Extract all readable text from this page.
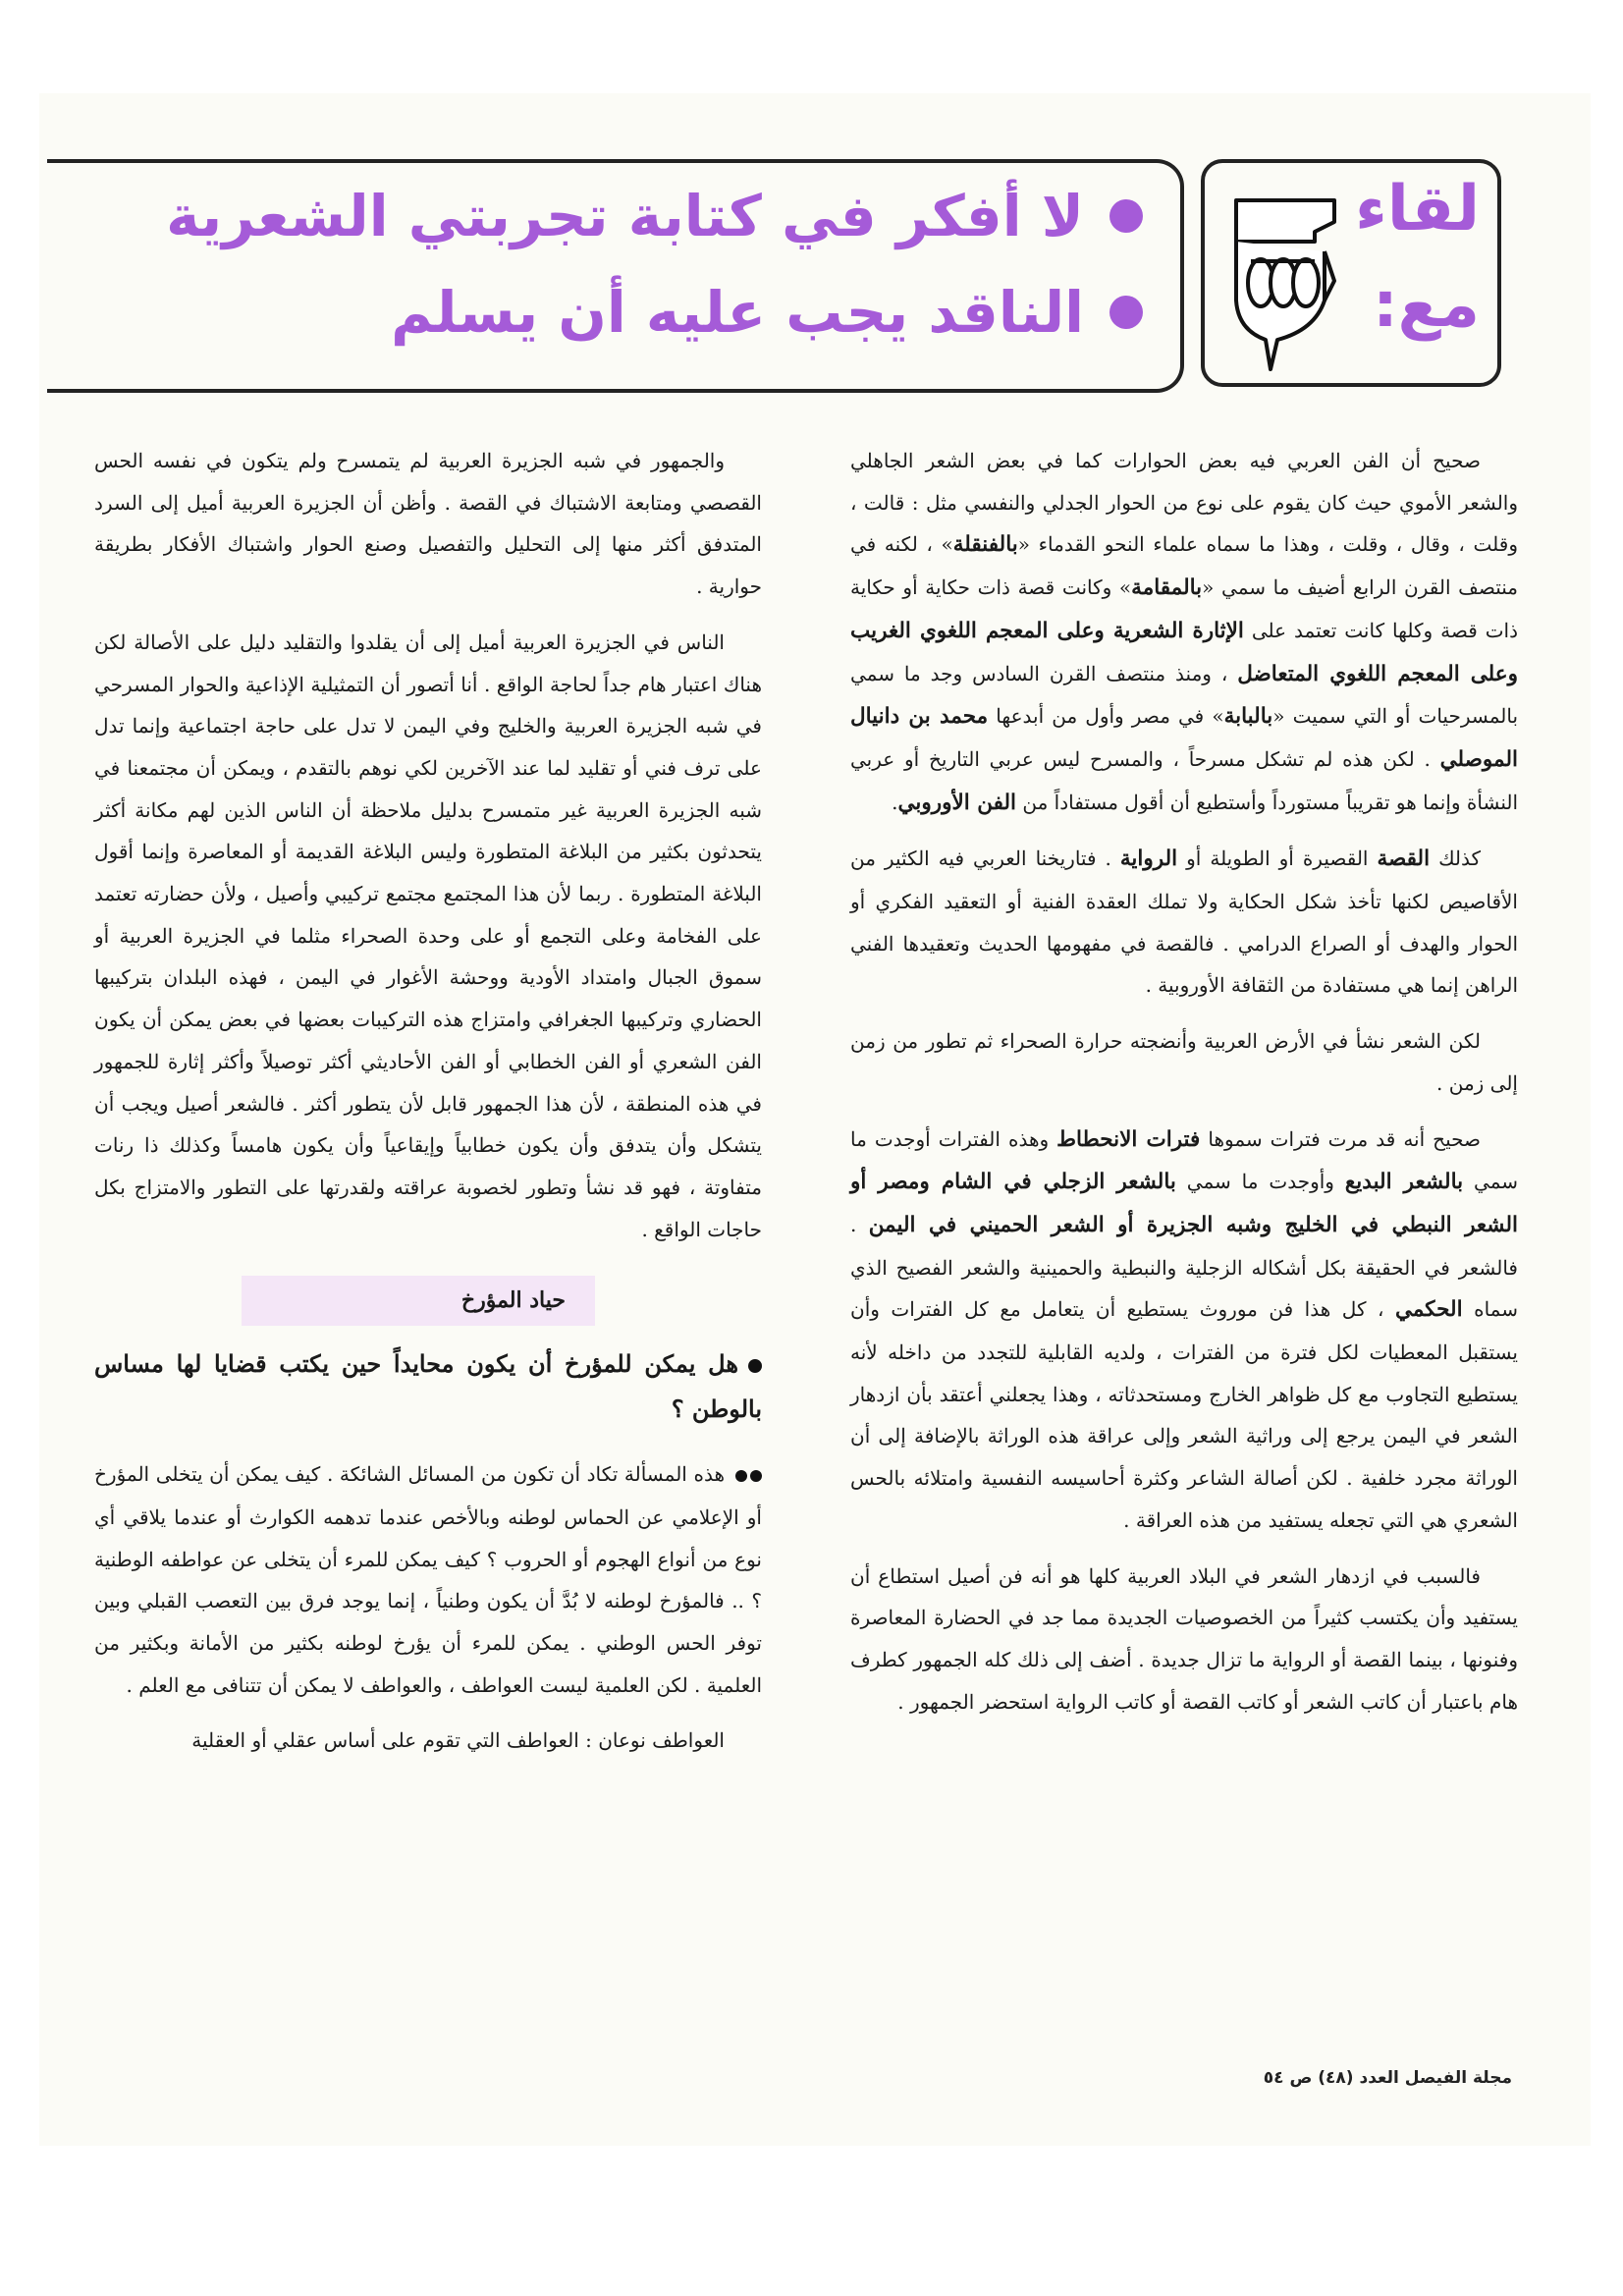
لقاء
مع:
لا أفكر في كتابة تجربتي الشعرية
الناقد يجب عليه أن يسلم

صحيح أن الفن العربي فيه بعض الحوارات كما في بعض الشعر الجاهلي والشعر الأموي حيث كان يقوم على نوع من الحوار الجدلي والنفسي مثل : قالت ، وقلت ، وقال ، وقلت ، وهذا ما سماه علماء النحو القدماء «بالفنقلة» ، لكنه في منتصف القرن الرابع أضيف ما سمي «بالمقامة» وكانت قصة ذات حكاية أو حكاية ذات قصة وكلها كانت تعتمد على الإثارة الشعرية وعلى المعجم اللغوي الغريب وعلى المعجم اللغوي المتعاضل ، ومنذ منتصف القرن السادس وجد ما سمي بالمسرحيات أو التي سميت «بالبابة» في مصر وأول من أبدعها محمد بن دانيال الموصلي . لكن هذه لم تشكل مسرحاً ، والمسرح ليس عربي التاريخ أو عربي النشأة وإنما هو تقريباً مستورداً وأستطيع أن أقول مستفاداً من الفن الأوروبي.

كذلك القصة القصيرة أو الطويلة أو الرواية . فتاريخنا العربي فيه الكثير من الأقاصيص لكنها تأخذ شكل الحكاية ولا تملك العقدة الفنية أو التعقيد الفكري أو الحوار والهدف أو الصراع الدرامي . فالقصة في مفهومها الحديث وتعقيدها الفني الراهن إنما هي مستفادة من الثقافة الأوروبية .

لكن الشعر نشأ في الأرض العربية وأنضجته حرارة الصحراء ثم تطور من زمن إلى زمن .

صحيح أنه قد مرت فترات سموها فترات الانحطاط وهذه الفترات أوجدت ما سمي بالشعر البديع وأوجدت ما سمي بالشعر الزجلي في الشام ومصر أو الشعر النبطي في الخليج وشبه الجزيرة أو الشعر الحميني في اليمن . فالشعر في الحقيقة بكل أشكاله الزجلية والنبطية والحمينية والشعر الفصيح الذي سماه الحكمي ، كل هذا فن موروث يستطيع أن يتعامل مع كل الفترات وأن يستقبل المعطيات لكل فترة من الفترات ، ولديه القابلية للتجدد من داخله لأنه يستطيع التجاوب مع كل ظواهر الخارج ومستحدثاته ، وهذا يجعلني أعتقد بأن ازدهار الشعر في اليمن يرجع إلى وراثية الشعر وإلى عراقة هذه الوراثة بالإضافة إلى أن الوراثة مجرد خلفية . لكن أصالة الشاعر وكثرة أحاسيسه النفسية وامتلائه بالحس الشعري هي التي تجعله يستفيد من هذه العراقة .

فالسبب في ازدهار الشعر في البلاد العربية كلها هو أنه فن أصيل استطاع أن يستفيد وأن يكتسب كثيراً من الخصوصيات الجديدة مما جد في الحضارة المعاصرة وفنونها ، بينما القصة أو الرواية ما تزال جديدة . أضف إلى ذلك كله الجمهور كطرف هام باعتبار أن كاتب الشعر أو كاتب القصة أو كاتب الرواية استحضر الجمهور .

والجمهور في شبه الجزيرة العربية لم يتمسرح ولم يتكون في نفسه الحس القصصي ومتابعة الاشتباك في القصة . وأظن أن الجزيرة العربية أميل إلى السرد المتدفق أكثر منها إلى التحليل والتفصيل وصنع الحوار واشتباك الأفكار بطريقة حوارية .

الناس في الجزيرة العربية أميل إلى أن يقلدوا والتقليد دليل على الأصالة لكن هناك اعتبار هام جداً لحاجة الواقع . أنا أتصور أن التمثيلية الإذاعية والحوار المسرحي في شبه الجزيرة العربية والخليج وفي اليمن لا تدل على حاجة اجتماعية وإنما تدل على ترف فني أو تقليد لما عند الآخرين لكي نوهم بالتقدم ، ويمكن أن مجتمعنا في شبه الجزيرة العربية غير متمسرح بدليل ملاحظة أن الناس الذين لهم مكانة أكثر يتحدثون بكثير من البلاغة المتطورة وليس البلاغة القديمة أو المعاصرة وإنما أقول البلاغة المتطورة . ربما لأن هذا المجتمع مجتمع تركيبي وأصيل ، ولأن حضارته تعتمد على الفخامة وعلى التجمع أو على وحدة الصحراء مثلما في الجزيرة العربية أو سموق الجبال وامتداد الأودية ووحشة الأغوار في اليمن ، فهذه البلدان بتركيبها الحضاري وتركيبها الجغرافي وامتزاج هذه التركيبات بعضها في بعض يمكن أن يكون الفن الشعري أو الفن الخطابي أو الفن الأحاديثي أكثر توصيلاً وأكثر إثارة للجمهور في هذه المنطقة ، لأن هذا الجمهور قابل لأن يتطور أكثر . فالشعر أصيل ويجب أن يتشكل وأن يتدفق وأن يكون خطابياً وإيقاعياً وأن يكون هامساً وكذلك ذا رنات متفاوتة ، فهو قد نشأ وتطور لخصوبة عراقته ولقدرتها على التطور والامتزاج بكل حاجات الواقع .

حياد المؤرخ

هل يمكن للمؤرخ أن يكون محايداً حين يكتب قضايا لها مساس بالوطن ؟

هذه المسألة تكاد أن تكون من المسائل الشائكة . كيف يمكن أن يتخلى المؤرخ أو الإعلامي عن الحماس لوطنه وبالأخص عندما تدهمه الكوارث أو عندما يلاقي أي نوع من أنواع الهجوم أو الحروب ؟ كيف يمكن للمرء أن يتخلى عن عواطفه الوطنية ؟ .. فالمؤرخ لوطنه لا بُدَّ أن يكون وطنياً ، إنما يوجد فرق بين التعصب القبلي وبين توفر الحس الوطني . يمكن للمرء أن يؤرخ لوطنه بكثير من الأمانة وبكثير من العلمية . لكن العلمية ليست العواطف ، والعواطف لا يمكن أن تتنافى مع العلم .

العواطف نوعان : العواطف التي تقوم على أساس عقلي أو العقلية

مجلة الفيصل العدد (٤٨) ص ٥٤
